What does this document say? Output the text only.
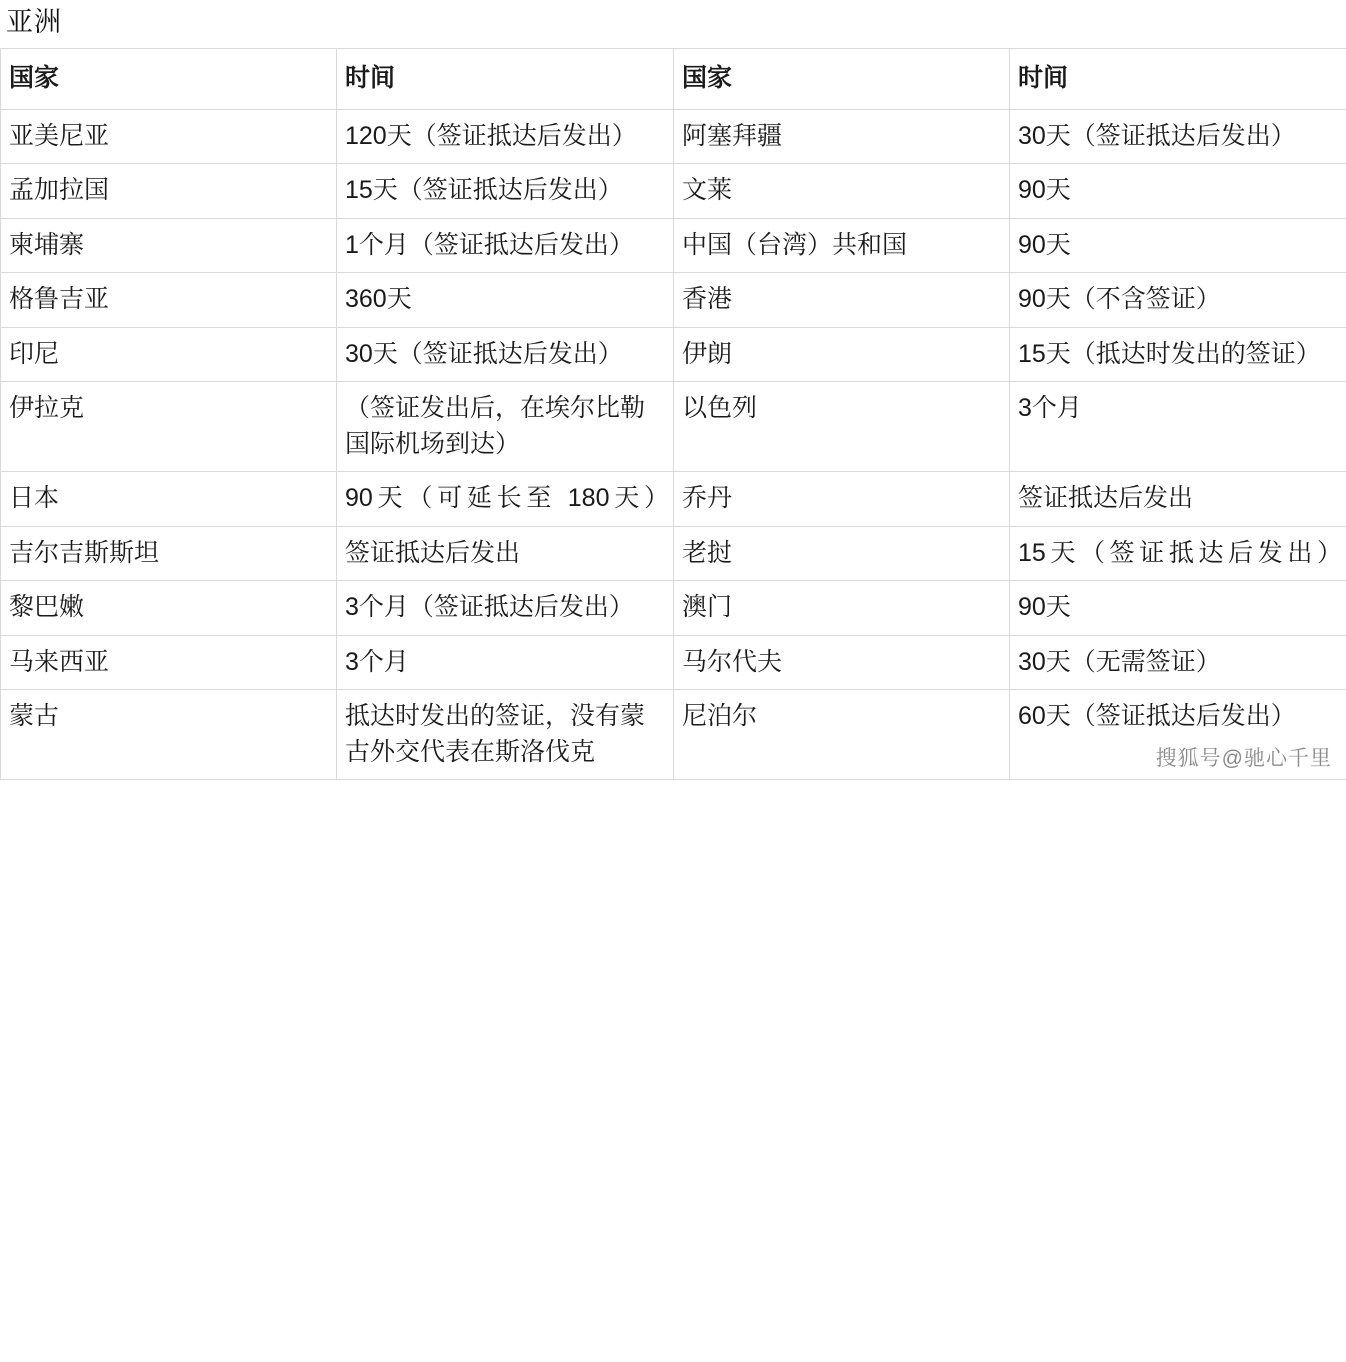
亚洲
国家	时间	国家	时间
亚美尼亚	120天（签证抵达后发出）	阿塞拜疆	30天（签证抵达后发出）
孟加拉国	15天（签证抵达后发出）	文莱	90天
柬埔寨	1个月（签证抵达后发出）	中国（台湾）共和国	90天
格鲁吉亚	360天	香港	90天（不含签证）
印尼	30天（签证抵达后发出）	伊朗	15天（抵达时发出的签证）
伊拉克	（签证发出后，在埃尔比勒国际机场到达）	以色列	3个月
日本	90天（可延长至 180天）	乔丹	签证抵达后发出
吉尔吉斯斯坦	签证抵达后发出	老挝	15天（签证抵达后发出）
黎巴嫩	3个月（签证抵达后发出）	澳门	90天
马来西亚	3个月	马尔代夫	30天（无需签证）
蒙古	抵达时发出的签证，没有蒙古外交代表在斯洛伐克	尼泊尔	60天（签证抵达后发出）
搜狐号@驰心千里
